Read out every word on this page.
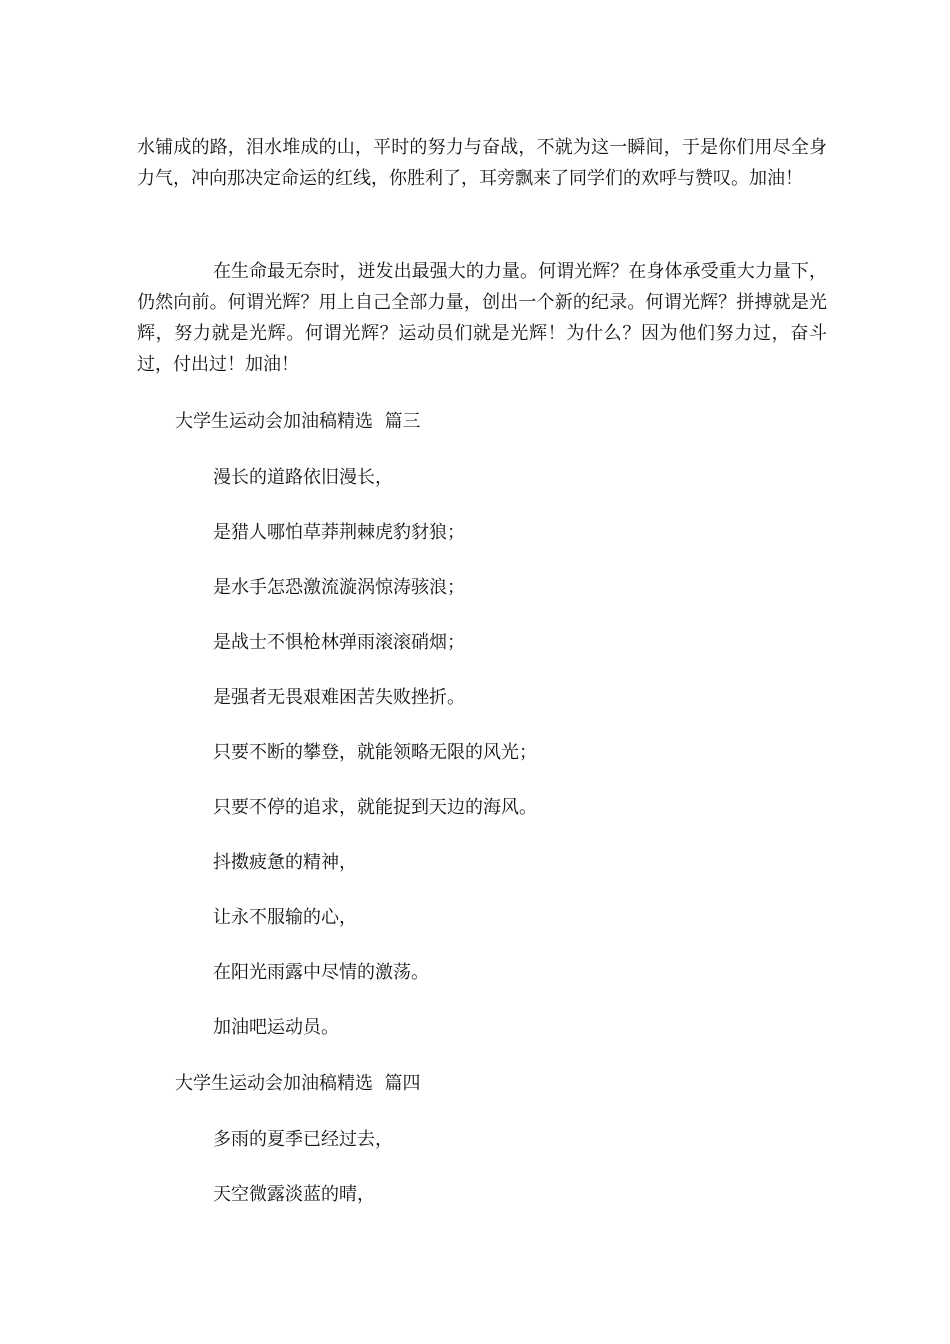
水铺成的路，泪水堆成的山，平时的努力与奋战，不就为这一瞬间，于是你们用尽全身力气，冲向那决定命运的红线，你胜利了，耳旁飘来了同学们的欢呼与赞叹。加油！

在生命最无奈时，迸发出最强大的力量。何谓光辉？在身体承受重大力量下，仍然向前。何谓光辉？用上自己全部力量，创出一个新的纪录。何谓光辉？拼搏就是光辉，努力就是光辉。何谓光辉？运动员们就是光辉！为什么？因为他们努力过，奋斗过，付出过！加油！

大学生运动会加油稿精选  篇三

漫长的道路依旧漫长，

是猎人哪怕草莽荆棘虎豹豺狼；

是水手怎恐激流漩涡惊涛骇浪；

是战士不惧枪林弹雨滚滚硝烟；

是强者无畏艰难困苦失败挫折。

只要不断的攀登，就能领略无限的风光；

只要不停的追求，就能捉到天边的海风。

抖擞疲惫的精神，

让永不服输的心，

在阳光雨露中尽情的激荡。

加油吧运动员。

大学生运动会加油稿精选  篇四

多雨的夏季已经过去，

天空微露淡蓝的晴，
